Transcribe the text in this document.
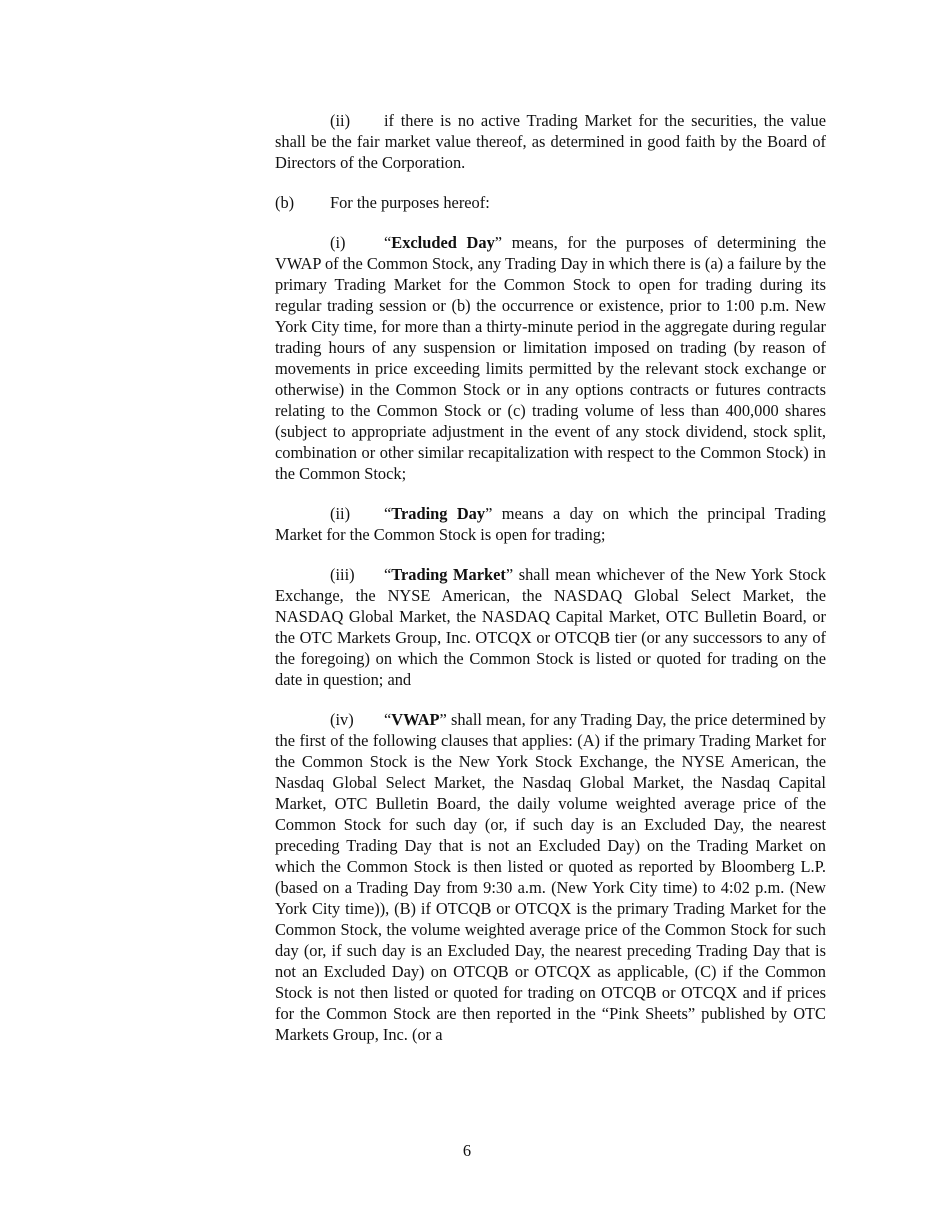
(ii) if there is no active Trading Market for the securities, the value shall be the fair market value thereof, as determined in good faith by the Board of Directors of the Corporation.

(b) For the purposes hereof:

(i) “Excluded Day” means, for the purposes of determining the VWAP of the Common Stock, any Trading Day in which there is (a) a failure by the primary Trading Market for the Common Stock to open for trading during its regular trading session or (b) the occurrence or existence, prior to 1:00 p.m. New York City time, for more than a thirty-minute period in the aggregate during regular trading hours of any suspension or limitation imposed on trading (by reason of movements in price exceeding limits permitted by the relevant stock exchange or otherwise) in the Common Stock or in any options contracts or futures contracts relating to the Common Stock or (c) trading volume of less than 400,000 shares (subject to appropriate adjustment in the event of any stock dividend, stock split, combination or other similar recapitalization with respect to the Common Stock) in the Common Stock;

(ii) “Trading Day” means a day on which the principal Trading Market for the Common Stock is open for trading;

(iii) “Trading Market” shall mean whichever of the New York Stock Exchange, the NYSE American, the NASDAQ Global Select Market, the NASDAQ Global Market, the NASDAQ Capital Market, OTC Bulletin Board, or the OTC Markets Group, Inc. OTCQX or OTCQB tier (or any successors to any of the foregoing) on which the Common Stock is listed or quoted for trading on the date in question; and

(iv) “VWAP” shall mean, for any Trading Day, the price determined by the first of the following clauses that applies: (A) if the primary Trading Market for the Common Stock is the New York Stock Exchange, the NYSE American, the Nasdaq Global Select Market, the Nasdaq Global Market, the Nasdaq Capital Market, OTC Bulletin Board, the daily volume weighted average price of the Common Stock for such day (or, if such day is an Excluded Day, the nearest preceding Trading Day that is not an Excluded Day) on the Trading Market on which the Common Stock is then listed or quoted as reported by Bloomberg L.P. (based on a Trading Day from 9:30 a.m. (New York City time) to 4:02 p.m. (New York City time)), (B) if OTCQB or OTCQX is the primary Trading Market for the Common Stock, the volume weighted average price of the Common Stock for such day (or, if such day is an Excluded Day, the nearest preceding Trading Day that is not an Excluded Day) on OTCQB or OTCQX as applicable, (C) if the Common Stock is not then listed or quoted for trading on OTCQB or OTCQX and if prices for the Common Stock are then reported in the “Pink Sheets” published by OTC Markets Group, Inc. (or a

6
